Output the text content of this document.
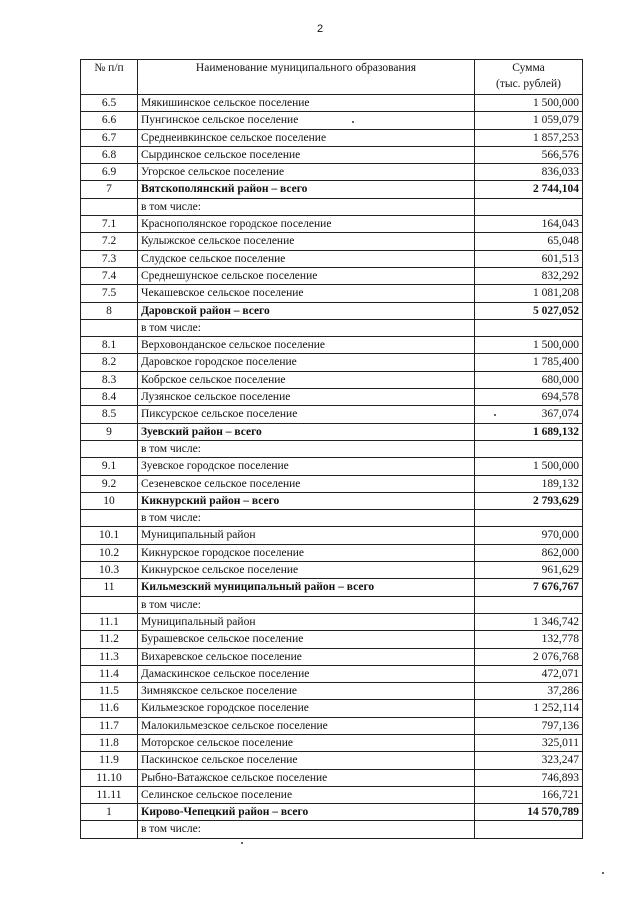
2
№ п/п	Наименование муниципального образования	Сумма
(тыс. рублей)
6.5	Мякишинское сельское поселение	1 500,000
6.6	Пунгинское сельское поселение	1 059,079
6.7	Среднеивкинское сельское поселение	1 857,253
6.8	Сырдинское сельское поселение	566,576
6.9	Угорское сельское поселение	836,033
7	Вятскополянский район – всего	2 744,104
	в том числе:	
7.1	Краснополянское городское поселение	164,043
7.2	Кулыжское сельское поселение	65,048
7.3	Слудское сельское поселение	601,513
7.4	Среднешунское сельское поселение	832,292
7.5	Чекашевское сельское поселение	1 081,208
8	Даровской район – всего	5 027,052
	в том числе:	
8.1	Верховонданское сельское поселение	1 500,000
8.2	Даровское городское поселение	1 785,400
8.3	Кобрское сельское поселение	680,000
8.4	Лузянское сельское поселение	694,578
8.5	Пиксурское сельское поселение	367,074
9	Зуевский район – всего	1 689,132
	в том числе:	
9.1	Зуевское городское поселение	1 500,000
9.2	Сезеневское сельское поселение	189,132
10	Кикнурский район – всего	2 793,629
	в том числе:	
10.1	Муниципальный район	970,000
10.2	Кикнурское городское поселение	862,000
10.3	Кикнурское сельское поселение	961,629
11	Кильмезский муниципальный район – всего	7 676,767
	в том числе:	
11.1	Муниципальный район	1 346,742
11.2	Бурашевское сельское поселение	132,778
11.3	Вихаревское сельское поселение	2 076,768
11.4	Дамаскинское сельское поселение	472,071
11.5	Зимнякское сельское поселение	37,286
11.6	Кильмезское городское поселение	1 252,114
11.7	Малокильмезское сельское поселение	797,136
11.8	Моторское сельское поселение	325,011
11.9	Паскинское сельское поселение	323,247
11.10	Рыбно-Ватажское сельское поселение	746,893
11.11	Селинское сельское поселение	166,721
1	Кирово-Чепецкий район – всего	14 570,789
	в том числе:	
